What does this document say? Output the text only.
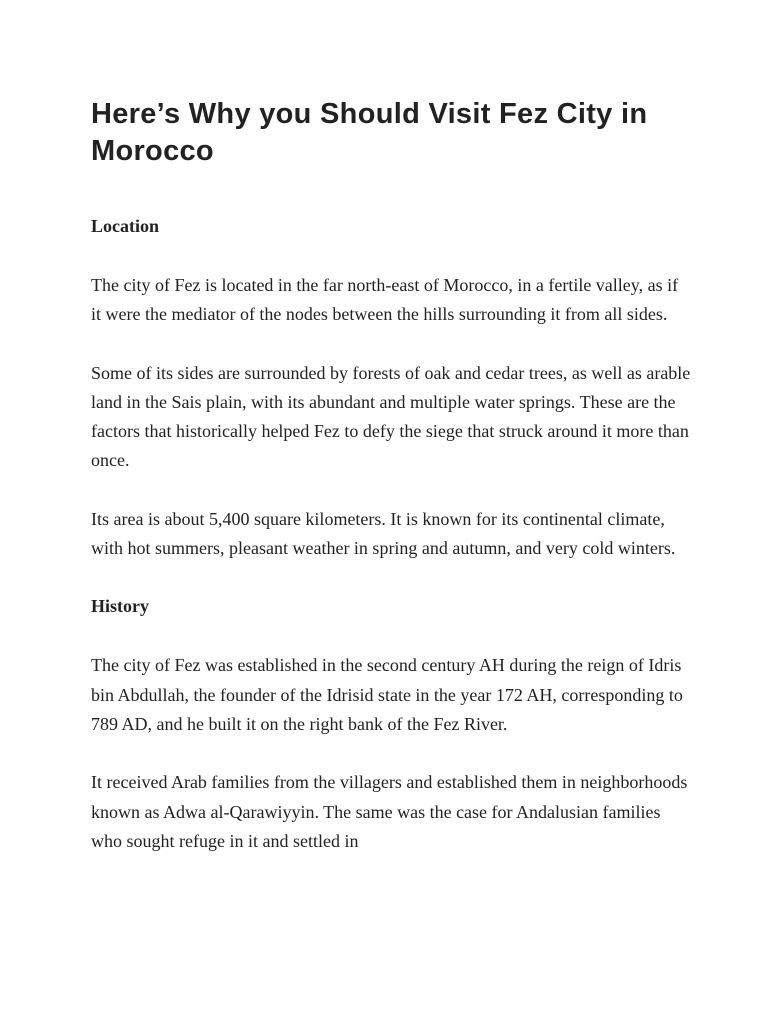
Here’s Why you Should Visit Fez City in Morocco
Location

The city of Fez is located in the far north-east of Morocco, in a fertile valley, as if it were the mediator of the nodes between the hills surrounding it from all sides.

Some of its sides are surrounded by forests of oak and cedar trees, as well as arable land in the Sais plain, with its abundant and multiple water springs. These are the factors that historically helped Fez to defy the siege that struck around it more than once.

Its area is about 5,400 square kilometers. It is known for its continental climate, with hot summers, pleasant weather in spring and autumn, and very cold winters.

History

The city of Fez was established in the second century AH during the reign of Idris bin Abdullah, the founder of the Idrisid state in the year 172 AH, corresponding to 789 AD, and he built it on the right bank of the Fez River.

It received Arab families from the villagers and established them in neighborhoods known as Adwa al-Qarawiyyin. The same was the case for Andalusian families who sought refuge in it and settled in
